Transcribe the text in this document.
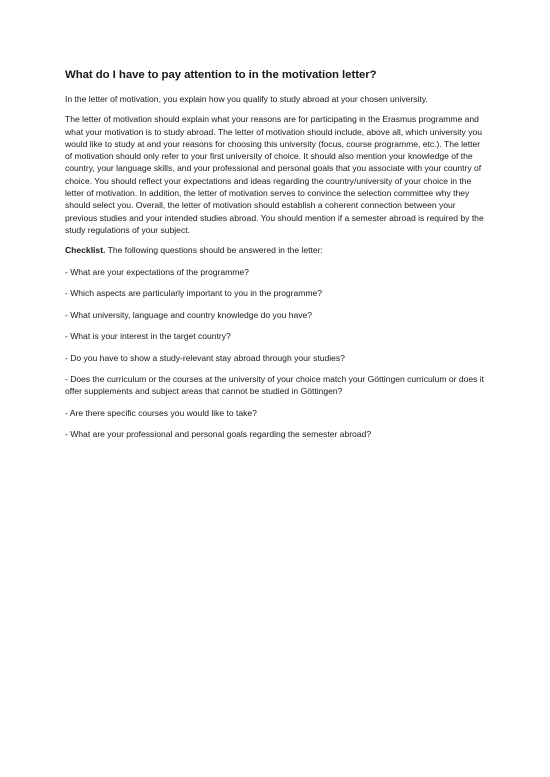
What do I have to pay attention to in the motivation letter?

In the letter of motivation, you explain how you qualify to study abroad at your chosen university.

The letter of motivation should explain what your reasons are for participating in the Erasmus programme and what your motivation is to study abroad. The letter of motivation should include, above all, which university you would like to study at and your reasons for choosing this university (focus, course programme, etc.). The letter of motivation should only refer to your first university of choice. It should also mention your knowledge of the country, your language skills, and your professional and personal goals that you associate with your country of choice. You should reflect your expectations and ideas regarding the country/university of your choice in the letter of motivation. In addition, the letter of motivation serves to convince the selection committee why they should select you. Overall, the letter of motivation should establish a coherent connection between your previous studies and your intended studies abroad. You should mention if a semester abroad is required by the study regulations of your subject.

Checklist. The following questions should be answered in the letter:

- What are your expectations of the programme?

- Which aspects are particularly important to you in the programme?

- What university, language and country knowledge do you have?

- What is your interest in the target country?

- Do you have to show a study-relevant stay abroad through your studies?

- Does the curriculum or the courses at the university of your choice match your Göttingen curriculum or does it offer supplements and subject areas that cannot be studied in Göttingen?

- Are there specific courses you would like to take?

- What are your professional and personal goals regarding the semester abroad?
